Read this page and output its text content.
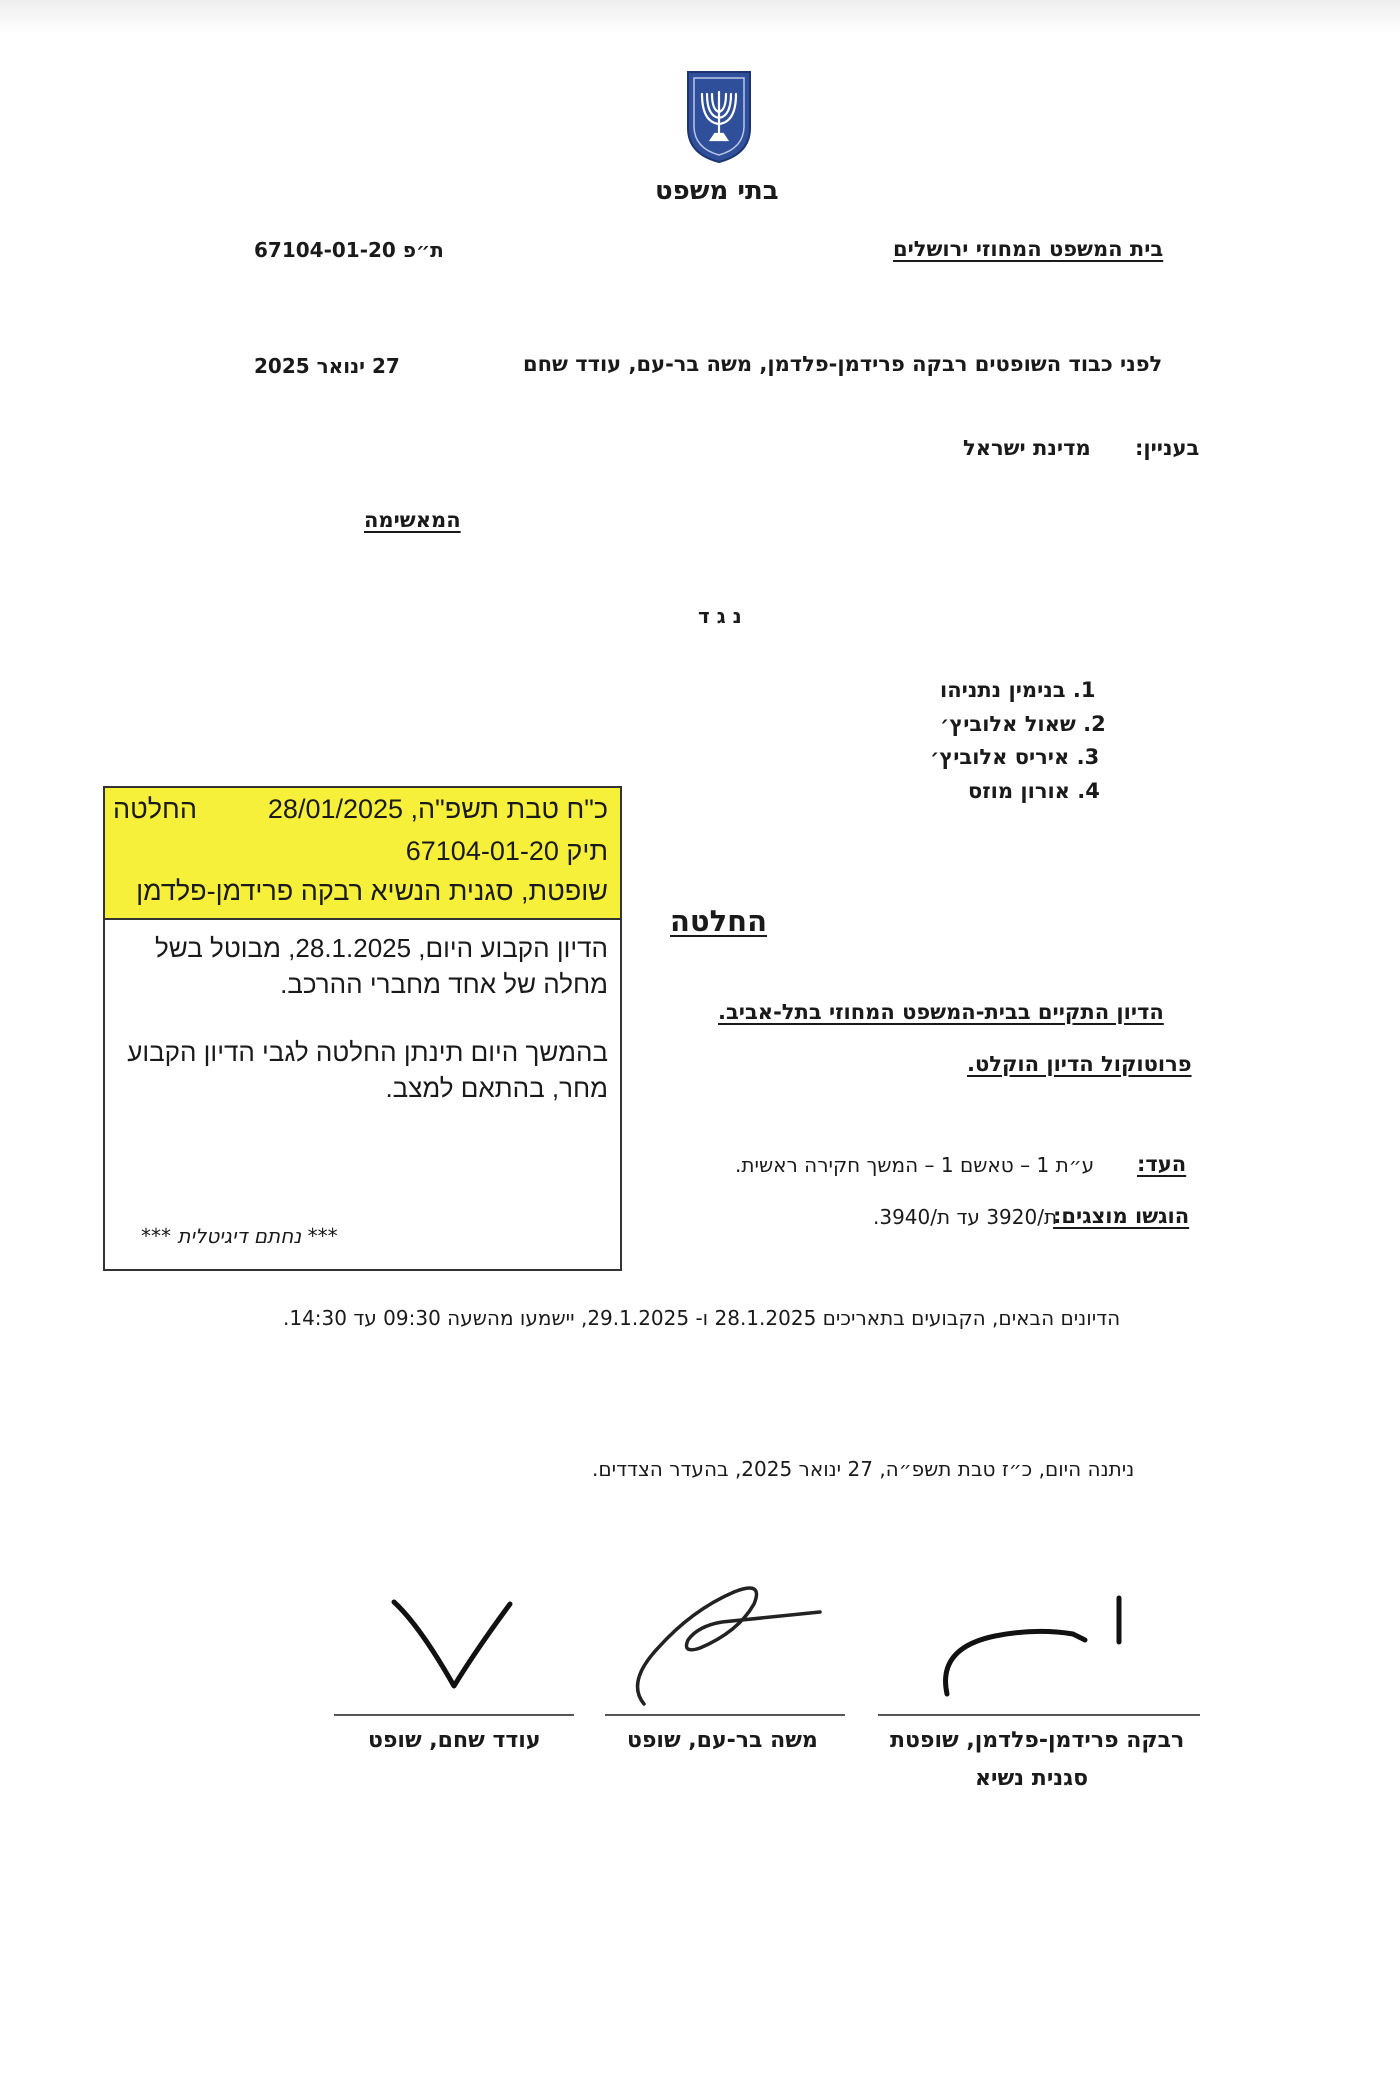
בתי משפט
בית המשפט המחוזי ירושלים
ת״פ 67104-01-20
לפני כבוד השופטים רבקה פרידמן-פלדמן, משה בר-עם, עודד שחם
27 ינואר 2025
בעניין:
מדינת ישראל
המאשימה
נ ג ד
1. בנימין נתניהו
2. שאול אלוביץ׳
3. איריס אלוביץ׳
4. אורון מוזס
כ"ח טבת תשפ"ה, 28/01/2025
החלטה
תיק 67104-01-20
שופטת, סגנית הנשיא רבקה פרידמן-פלדמן
הדיון הקבוע היום, 28.1.2025, מבוטל בשל מחלה של אחד מחברי ההרכב.
בהמשך היום תינתן החלטה לגבי הדיון הקבוע מחר, בהתאם למצב.
*** נחתם דיגיטלית ***
החלטה
הדיון התקיים בבית-המשפט המחוזי בתל-אביב.
פרוטוקול הדיון הוקלט.
העד:
ע״ת 1 – טאשם 1 – המשך חקירה ראשית.
הוגשו מוצגים:
ת/3920 עד ת/3940.
הדיונים הבאים, הקבועים בתאריכים 28.1.2025 ו- 29.1.2025, יישמעו מהשעה 09:30 עד 14:30.
ניתנה היום, כ״ז טבת תשפ״ה, 27 ינואר 2025, בהעדר הצדדים.
רבקה פרידמן-פלדמן, שופטת
סגנית נשיא
משה בר-עם, שופט
עודד שחם, שופט
